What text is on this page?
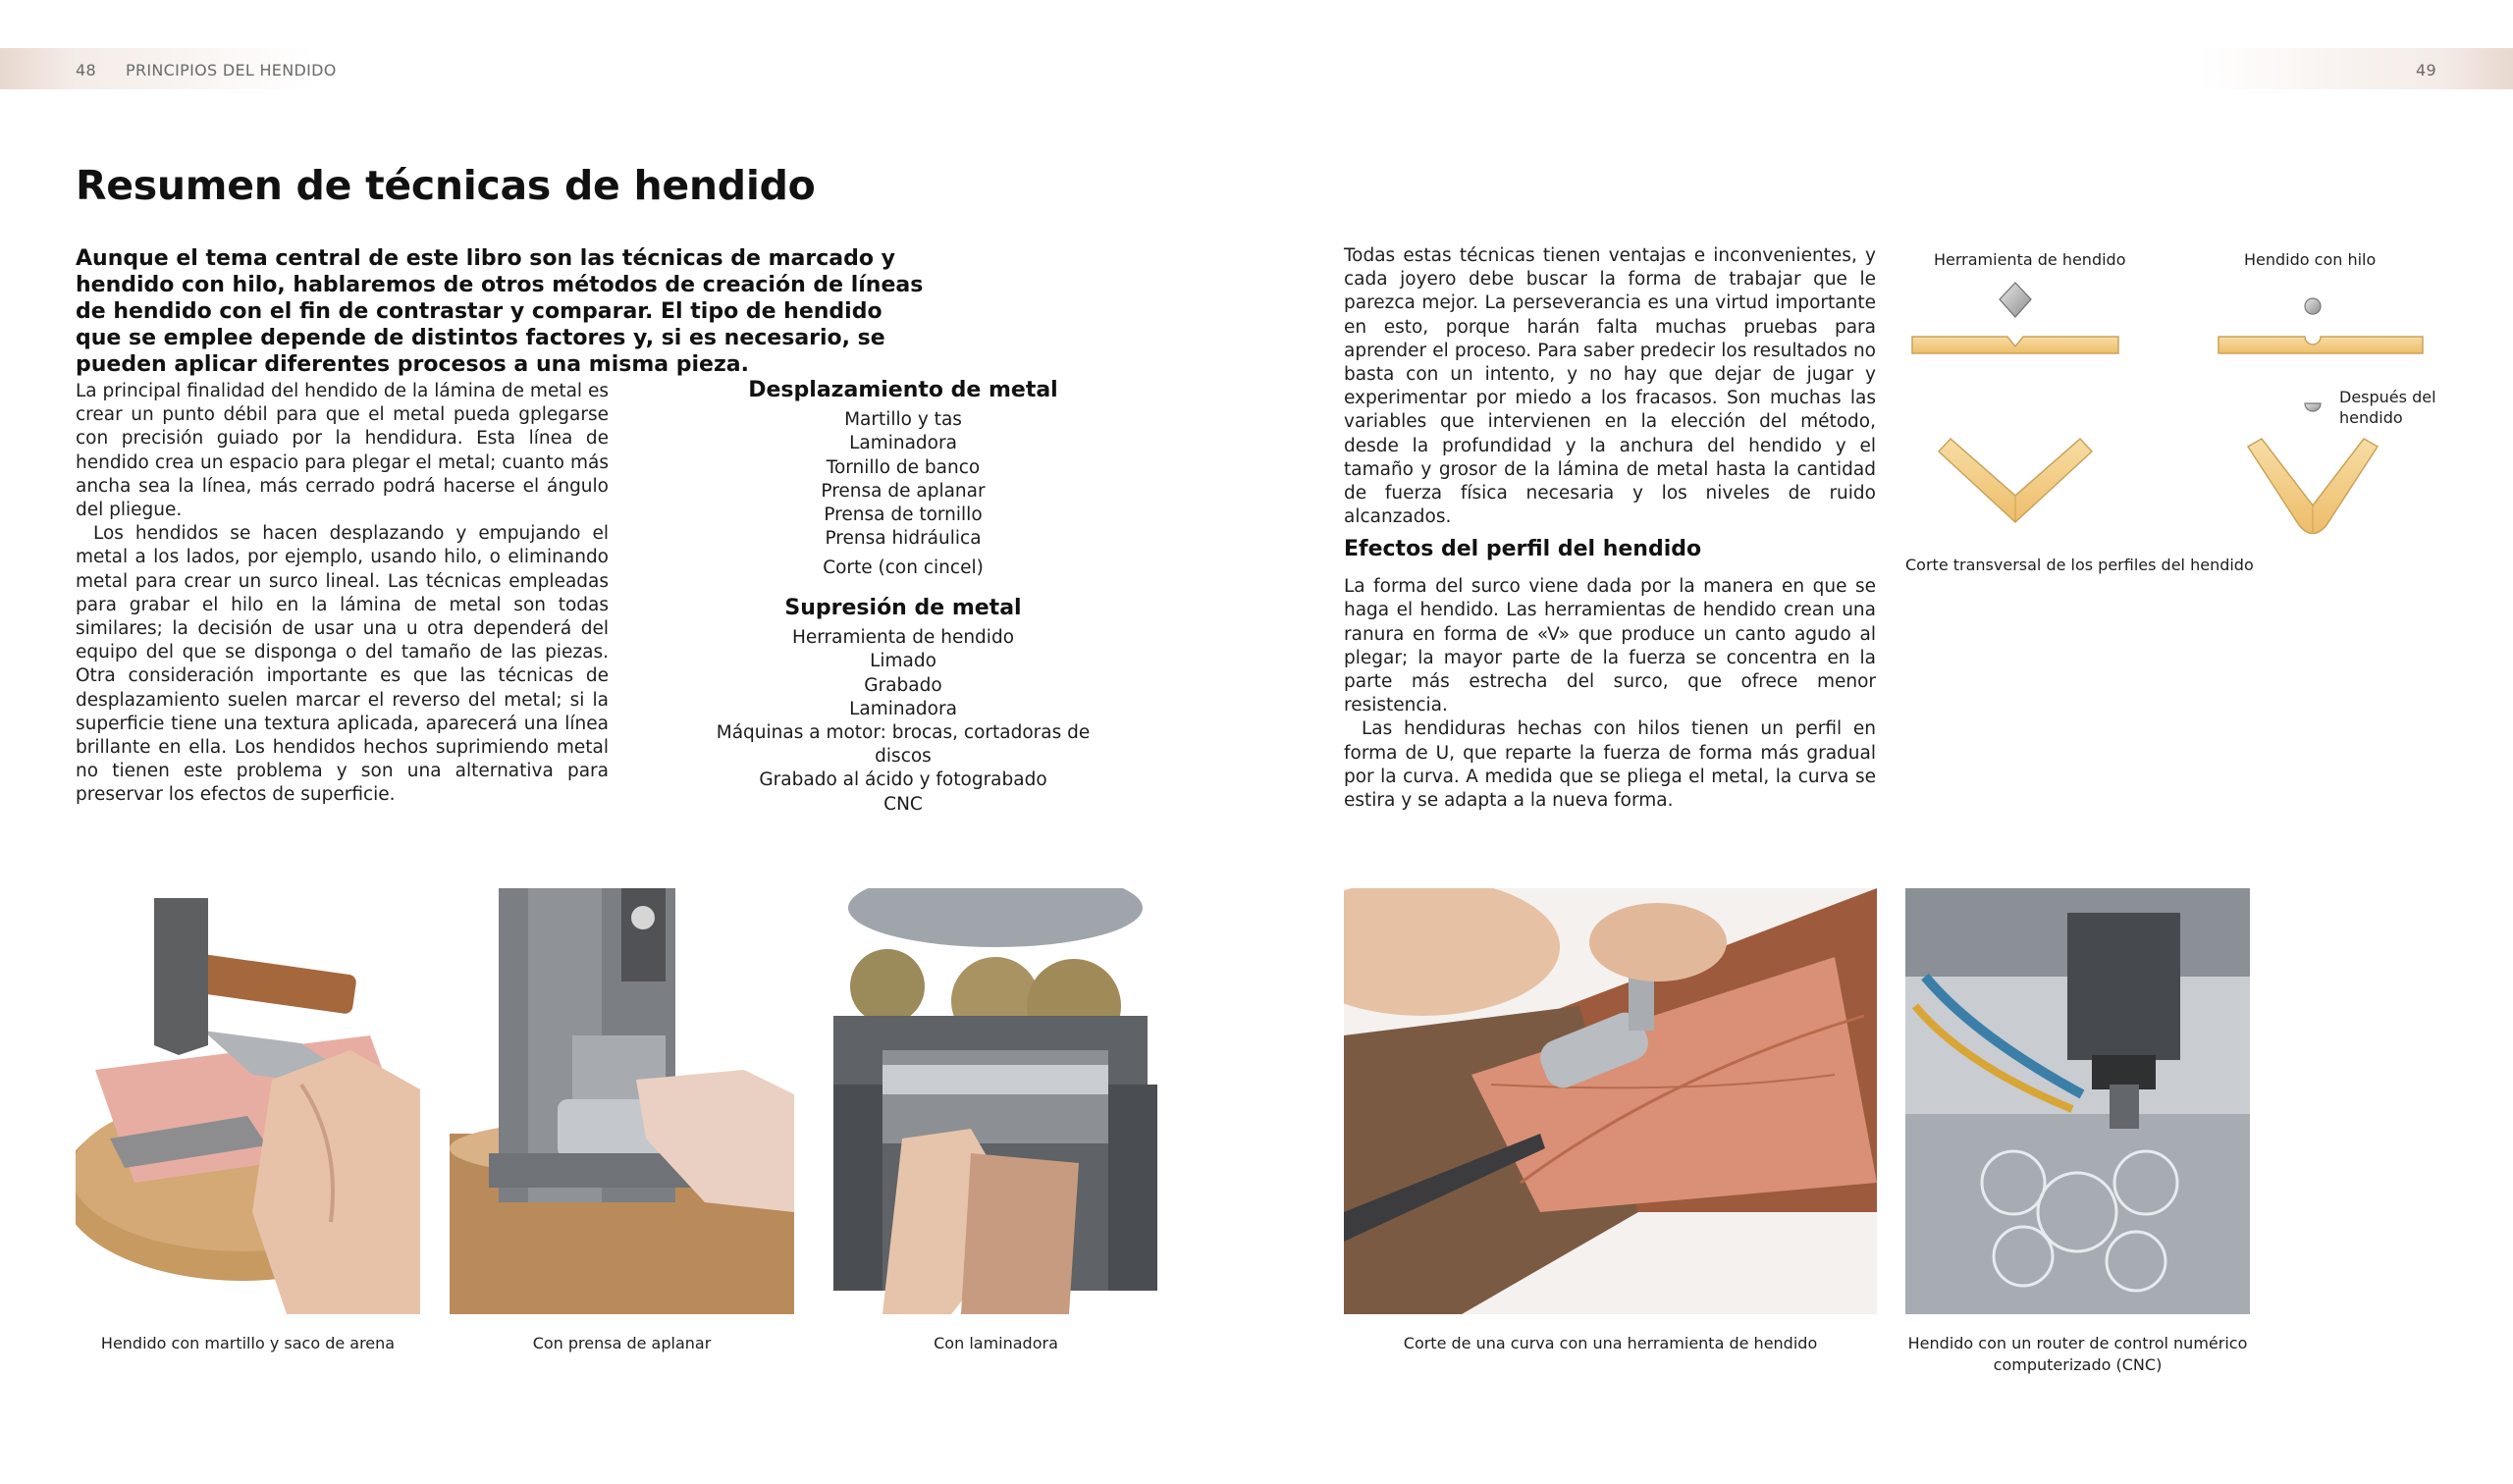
48 PRINCIPIOS DEL HENDIDO	49
Resumen de técnicas de hendido
Aunque el tema central de este libro son las técnicas de marcado y hendido con hilo, hablaremos de otros métodos de creación de líneas de hendido con el fin de contrastar y comparar. El tipo de hendido que se emplee depende de distintos factores y, si es necesario, se pueden aplicar diferentes procesos a una misma pieza.

La principal finalidad del hendido de la lámina de metal es crear un punto débil para que el metal pueda gplegarse con precisión guiado por la hendidura. Esta línea de hendido crea un espacio para plegar el metal; cuanto más ancha sea la línea, más cerrado podrá hacerse el ángulo del pliegue.

Los hendidos se hacen desplazando y empujando el metal a los lados, por ejemplo, usando hilo, o eliminando metal para crear un surco lineal. Las técnicas empleadas para grabar el hilo en la lámina de metal son todas similares; la decisión de usar una u otra dependerá del equipo del que se disponga o del tamaño de las piezas. Otra consideración importante es que las técnicas de desplazamiento suelen marcar el reverso del metal; si la superficie tiene una textura aplicada, aparecerá una línea brillante en ella. Los hendidos hechos suprimiendo metal no tienen este problema y son una alternativa para preservar los efectos de superficie.

Desplazamiento de metal
Martillo y tas
Laminadora
Tornillo de banco
Prensa de aplanar
Prensa de tornillo
Prensa hidráulica
Corte (con cincel)
Supresión de metal
Herramienta de hendido
Limado
Grabado
Laminadora
Máquinas a motor: brocas, cortadoras de discos
Grabado al ácido y fotograbado
CNC

Todas estas técnicas tienen ventajas e inconvenientes, y cada joyero debe buscar la forma de trabajar que le parezca mejor. La perseverancia es una virtud importante en esto, porque harán falta muchas pruebas para aprender el proceso. Para saber predecir los resultados no basta con un intento, y no hay que dejar de jugar y experimentar por miedo a los fracasos. Son muchas las variables que intervienen en la elección del método, desde la profundidad y la anchura del hendido y el tamaño y grosor de la lámina de metal hasta la cantidad de fuerza física necesaria y los niveles de ruido alcanzados.

Efectos del perfil del hendido

La forma del surco viene dada por la manera en que se haga el hendido. Las herramientas de hendido crean una ranura en forma de «V» que produce un canto agudo al plegar; la mayor parte de la fuerza se concentra en la parte más estrecha del surco, que ofrece menor resistencia.

Las hendiduras hechas con hilos tienen un perfil en forma de U, que reparte la fuerza de forma más gradual por la curva. A medida que se pliega el metal, la curva se estira y se adapta a la nueva forma.

Herramienta de hendido	Hendido con hilo
Después del
hendido
Corte transversal de los perfiles del hendido
Hendido con martillo y saco de arena	Con prensa de aplanar	Con laminadora	Corte de una curva con una herramienta de hendido	Hendido con un router de control numérico
computerizado (CNC)
